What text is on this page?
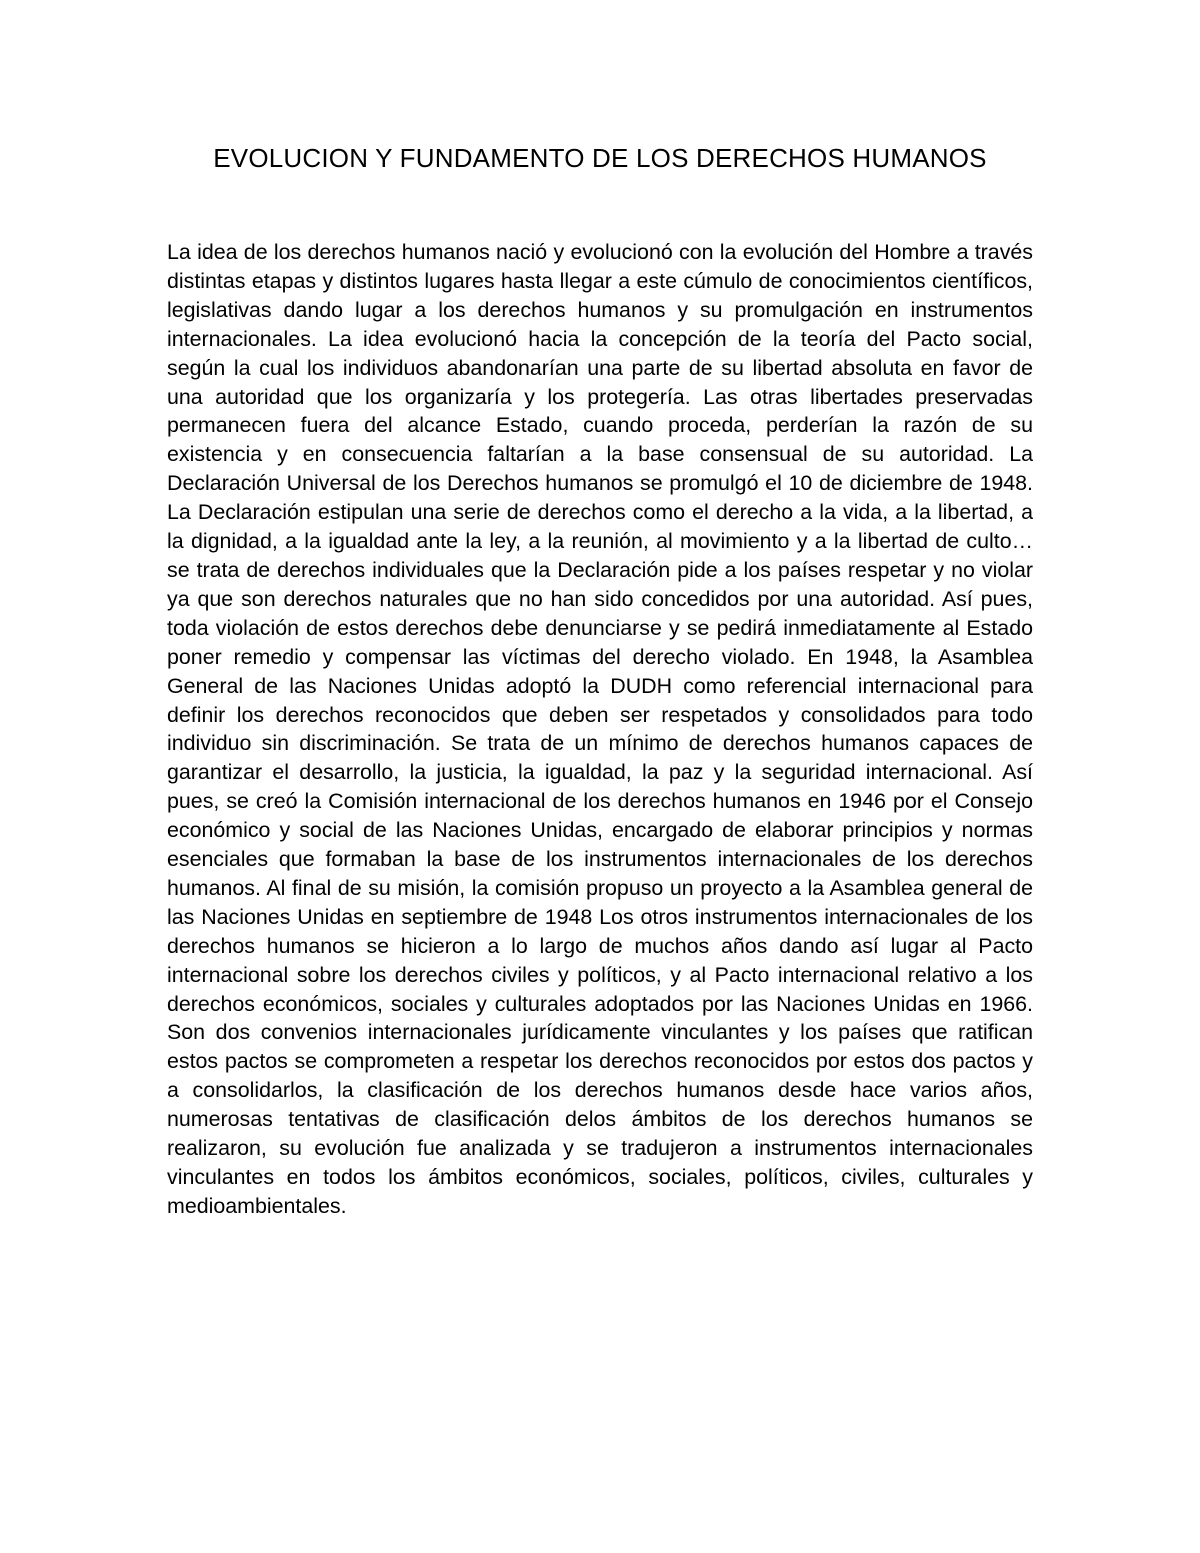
EVOLUCION Y FUNDAMENTO DE LOS DERECHOS HUMANOS

La idea de los derechos humanos nació y evolucionó con la evolución del Hombre a través distintas etapas y distintos lugares hasta llegar a este cúmulo de conocimientos científicos, legislativas dando lugar a los derechos humanos y su promulgación en instrumentos internacionales. La idea evolucionó hacia la concepción de la teoría del Pacto social, según la cual los individuos abandonarían una parte de su libertad absoluta en favor de una autoridad que los organizaría y los protegería. Las otras libertades preservadas permanecen fuera del alcance Estado, cuando proceda, perderían la razón de su existencia y en consecuencia faltarían a la base consensual de su autoridad. La Declaración Universal de los Derechos humanos se promulgó el 10 de diciembre de 1948. La Declaración estipulan una serie de derechos como el derecho a la vida, a la libertad, a la dignidad, a la igualdad ante la ley, a la reunión, al movimiento y a la libertad de culto… se trata de derechos individuales que la Declaración pide a los países respetar y no violar ya que son derechos naturales que no han sido concedidos por una autoridad. Así pues, toda violación de estos derechos debe denunciarse y se pedirá inmediatamente al Estado poner remedio y compensar las víctimas del derecho violado. En 1948, la Asamblea General de las Naciones Unidas adoptó la DUDH como referencial internacional para definir los derechos reconocidos que deben ser respetados y consolidados para todo individuo sin discriminación. Se trata de un mínimo de derechos humanos capaces de garantizar el desarrollo, la justicia, la igualdad, la paz y la seguridad internacional. Así pues, se creó la Comisión internacional de los derechos humanos en 1946 por el Consejo económico y social de las Naciones Unidas, encargado de elaborar principios y normas esenciales que formaban la base de los instrumentos internacionales de los derechos humanos. Al final de su misión, la comisión propuso un proyecto a la Asamblea general de las Naciones Unidas en septiembre de 1948 Los otros instrumentos internacionales de los derechos humanos se hicieron a lo largo de muchos años dando así lugar al Pacto internacional sobre los derechos civiles y políticos, y al Pacto internacional relativo a los derechos económicos, sociales y culturales adoptados por las Naciones Unidas en 1966. Son dos convenios internacionales jurídicamente vinculantes y los países que ratifican estos pactos se comprometen a respetar los derechos reconocidos por estos dos pactos y a consolidarlos, la clasificación de los derechos humanos desde hace varios años, numerosas tentativas de clasificación delos ámbitos de los derechos humanos se realizaron, su evolución fue analizada y se tradujeron a instrumentos internacionales vinculantes en todos los ámbitos económicos, sociales, políticos, civiles, culturales y medioambientales.
